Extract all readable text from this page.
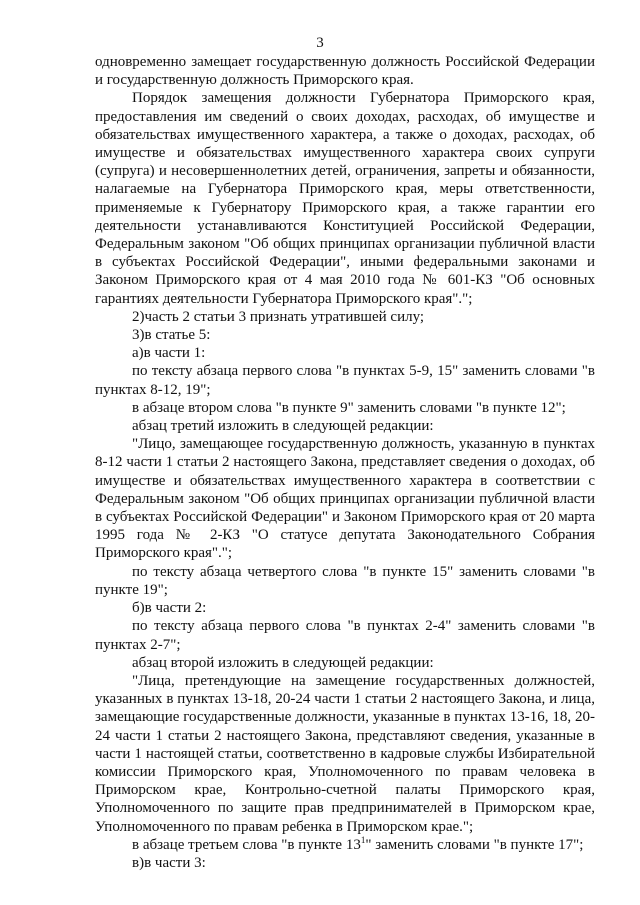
3

одновременно замещает государственную должность Российской Федерации и государственную должность Приморского края.

Порядок замещения должности Губернатора Приморского края, предоставления им сведений о своих доходах, расходах, об имуществе и обязательствах имущественного характера, а также о доходах, расходах, об имуществе и обязательствах имущественного характера своих супруги (супруга) и несовершеннолетних детей, ограничения, запреты и обязанности, налагаемые на Губернатора Приморского края, меры ответственности, применяемые к Губернатору Приморского края, а также гарантии его деятельности устанавливаются Конституцией Российской Федерации, Федеральным законом "Об общих принципах организации публичной власти в субъектах Российской Федерации", иными федеральными законами и Законом Приморского края от 4 мая 2010 года № 601-КЗ "Об основных гарантиях деятельности Губернатора Приморского края".";

2)часть 2 статьи 3 признать утратившей силу;

3)в статье 5:

а)в части 1:

по тексту абзаца первого слова "в пунктах 5-9, 15" заменить словами "в пунктах 8-12, 19";

в абзаце втором слова "в пункте 9" заменить словами "в пункте 12";

абзац третий изложить в следующей редакции:

"Лицо, замещающее государственную должность, указанную в пунктах 8-12 части 1 статьи 2 настоящего Закона, представляет сведения о доходах, об имуществе и обязательствах имущественного характера в соответствии с Федеральным законом "Об общих принципах организации публичной власти в субъектах Российской Федерации" и Законом Приморского края от 20 марта 1995 года № 2-КЗ "О статусе депутата Законодательного Собрания Приморского края".";

по тексту абзаца четвертого слова "в пункте 15" заменить словами "в пункте 19";

б)в части 2:

по тексту абзаца первого слова "в пунктах 2-4" заменить словами "в пунктах 2-7";

абзац второй изложить в следующей редакции:

"Лица, претендующие на замещение государственных должностей, указанных в пунктах 13-18, 20-24 части 1 статьи 2 настоящего Закона, и лица, замещающие государственные должности, указанные в пунктах 13-16, 18, 20-24 части 1 статьи 2 настоящего Закона, представляют сведения, указанные в части 1 настоящей статьи, соответственно в кадровые службы Избирательной комиссии Приморского края, Уполномоченного по правам человека в Приморском крае, Контрольно-счетной палаты Приморского края, Уполномоченного по защите прав предпринимателей в Приморском крае, Уполномоченного по правам ребенка в Приморском крае.";

в абзаце третьем слова "в пункте $13^1$" заменить словами "в пункте 17";

в)в части 3:
